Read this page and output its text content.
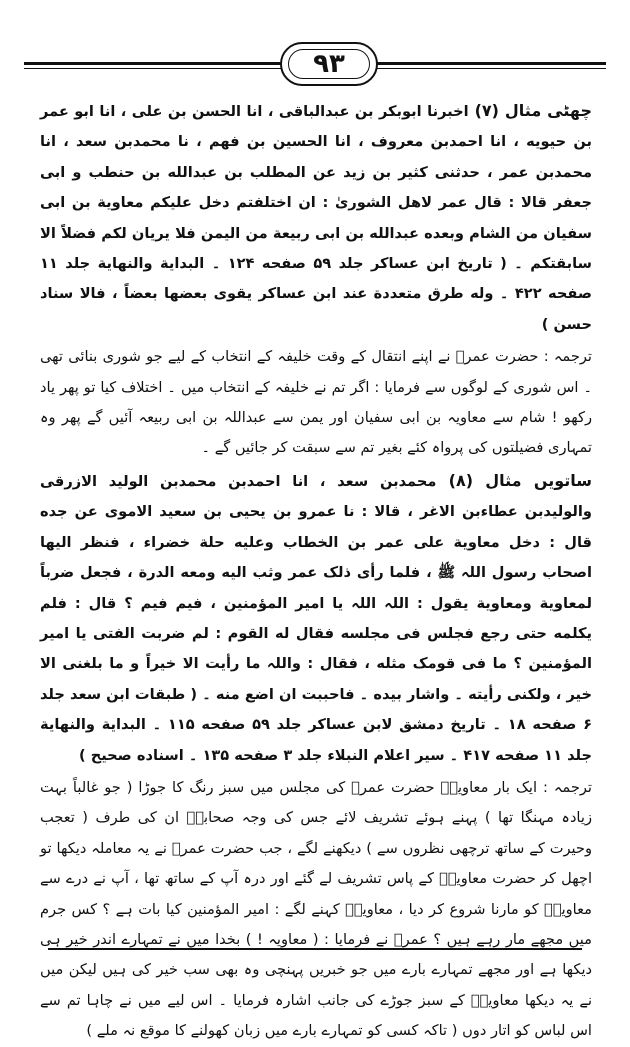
۹۳

چھٹی مثال (۷) اخبرنا ابوبکر بن عبدالباقی ، انا الحسن بن علی ، انا ابو عمر بن حیویه ، انا احمدبن معروف ، انا الحسین بن فهم ، نا محمدبن سعد ، انا محمدبن عمر ، حدثنی کثیر بن زید عن المطلب بن عبدالله بن حنطب و ابی جعفر قالا : قال عمر لاهل الشوریٰ : ان اختلفتم دخل علیکم معاویة بن ابی سفیان من الشام وبعده عبدالله بن ابی ربیعة من الیمن فلا یریان لکم فضلاً الا سابقتکم ۔ ( تاریخ ابن عساکر جلد ۵۹ صفحه ۱۲۴ ۔ البدایة والنهایة جلد ۱۱ صفحه ۴۲۲ ۔ وله طرق متعددة عند ابن عساکر یقوی بعضها بعضاً ، فالا سناد حسن )

ترجمہ : حضرت عمرؓ نے اپنے انتقال کے وقت خلیفہ کے انتخاب کے لیے جو شوری بنائی تھی ۔ اس شوری کے لوگوں سے فرمایا : اگر تم نے خلیفہ کے انتخاب میں ۔ اختلاف کیا تو پھر یاد رکھو ! شام سے معاویہ بن ابی سفیان اور یمن سے عبداللہ بن ابی ربیعہ آئیں گے پھر وہ تمہاری فضیلتوں کی پرواہ کئے بغیر تم سے سبقت کر جائیں گے ۔

ساتویں مثال (۸) محمدبن سعد ، انا احمدبن محمدبن الولید الازرقی والولیدبن عطاءبن الاغر ، قالا : نا عمرو بن یحیی بن سعید الاموی عن جده قال : دخل معاویة علی عمر بن الخطاب وعلیه حلة خضراء ، فنظر الیها اصحاب رسول اللہ ﷺ ، فلما رأی ذلک عمر وثب الیه ومعه الدرة ، فجعل ضرباً لمعاویة ومعاویة یقول : اللہ اللہ یا امیر المؤمنین ، فیم فیم ؟ قال : فلم یکلمه حتی رجع فجلس فی مجلسه فقال له القوم : لم ضربت الفتی یا امیر المؤمنین ؟ ما فی قومک مثله ، فقال : واللہ ما رأیت الا خیراً و ما بلغنی الا خیر ، ولکنی رأیته ۔ واشار بیده ۔ فاحببت ان اضع منه ۔ ( طبقات ابن سعد جلد ۶ صفحه ۱۸ ۔ تاریخ دمشق لابن عساکر جلد ۵۹ صفحه ۱۱۵ ۔ البدایة والنهایة جلد ۱۱ صفحه ۴۱۷ ۔ سیر اعلام النبلاء جلد ۳ صفحه ۱۳۵ ۔ اسناده صحیح )

ترجمہ : ایک بار معاویہؓ حضرت عمرؓ کی مجلس میں سبز رنگ کا جوڑا ( جو غالباً بہت زیادہ مہنگا تھا ) پہنے ہوئے تشریف لائے جس کی وجہ صحابہؓ ان کی طرف ( تعجب وحیرت کے ساتھ ترچھی نظروں سے ) دیکھنے لگے ، جب حضرت عمرؓ نے یہ معاملہ دیکھا تو اچھل کر حضرت معاویہؓ کے پاس تشریف لے گئے اور درہ آپ کے ساتھ تھا ، آپ نے درے سے معاویہؓ کو مارنا شروع کر دیا ، معاویہؓ کہنے لگے : امیر المؤمنین کیا بات ہے ؟ کس جرم میں مجھے مار رہے ہیں ؟ عمرؓ نے فرمایا : ( معاویہ ! ) بخدا میں نے تمہارے اندر خیر ہی دیکھا ہے اور مجھے تمہارے بارے میں جو خبریں پہنچی وہ بھی سب خیر کی ہیں لیکن میں نے یہ دیکھا معاویہؓ کے سبز جوڑے کی جانب اشارہ فرمایا ۔ اس لیے میں نے چاہا تم سے اس لباس کو اتار دوں ( تاکہ کسی کو تمہارے بارے میں زبان کھولنے کا موقع نہ ملے )
